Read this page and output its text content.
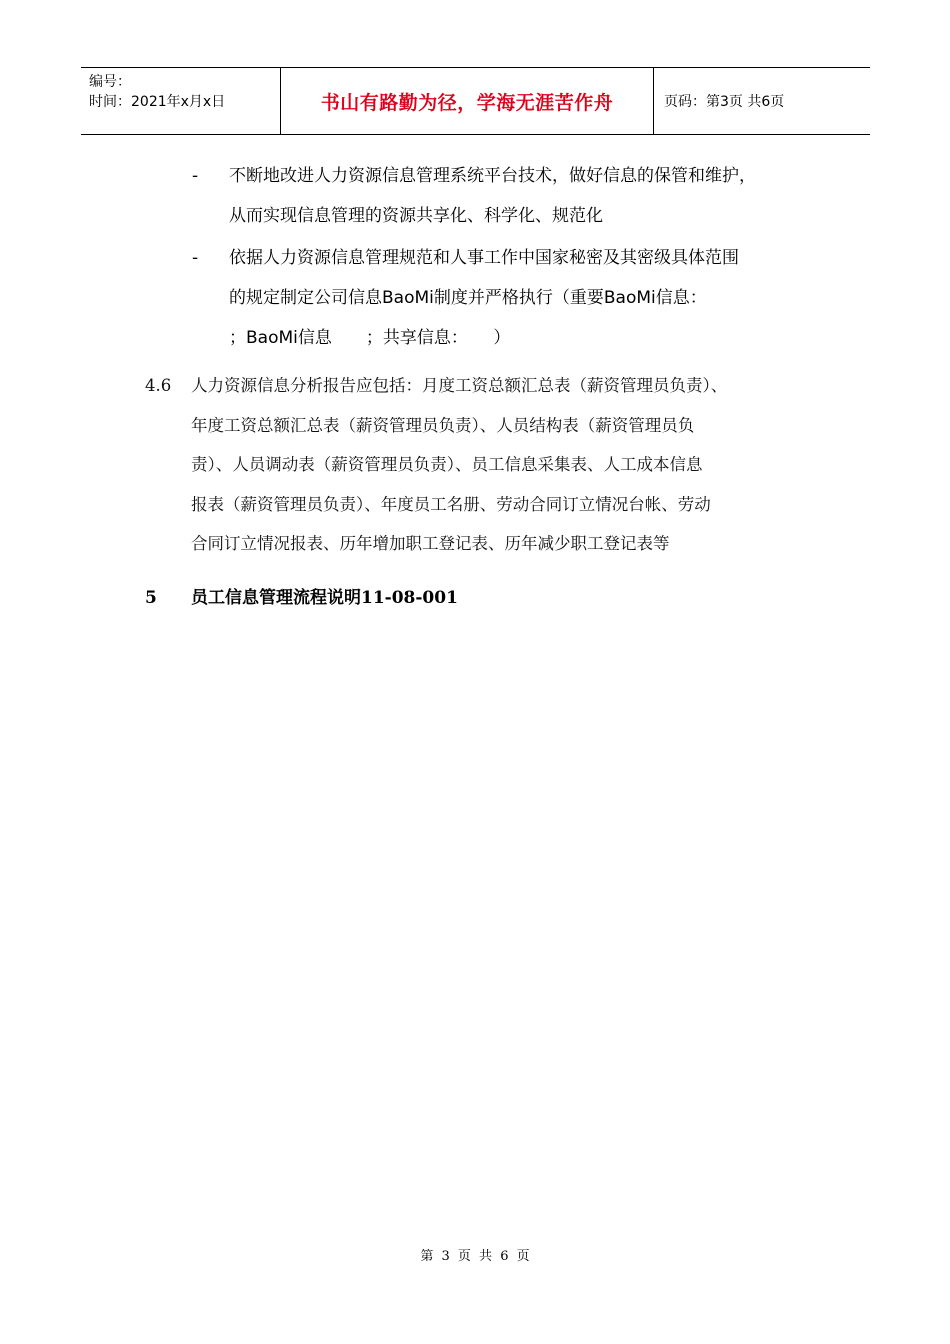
编号：
时间：2021年x月x日	书山有路勤为径，学海无涯苦作舟	页码：第3页 共6页
-	不断地改进人力资源信息管理系统平台技术，做好信息的保管和维护，
从而实现信息管理的资源共享化、科学化、规范化
-	依据人力资源信息管理规范和人事工作中国家秘密及其密级具体范围
的规定制定公司信息BaoMi制度并严格执行（重要BaoMi信息：
；BaoMi信息　　；共享信息：　　）
4.6	人力资源信息分析报告应包括：月度工资总额汇总表（薪资管理员负责）、
年度工资总额汇总表（薪资管理员负责）、人员结构表（薪资管理员负
责）、人员调动表（薪资管理员负责）、员工信息采集表、人工成本信息
报表（薪资管理员负责）、年度员工名册、劳动合同订立情况台帐、劳动
合同订立情况报表、历年增加职工登记表、历年减少职工登记表等
5	员工信息管理流程说明11-08-001
第 3 页 共 6 页
